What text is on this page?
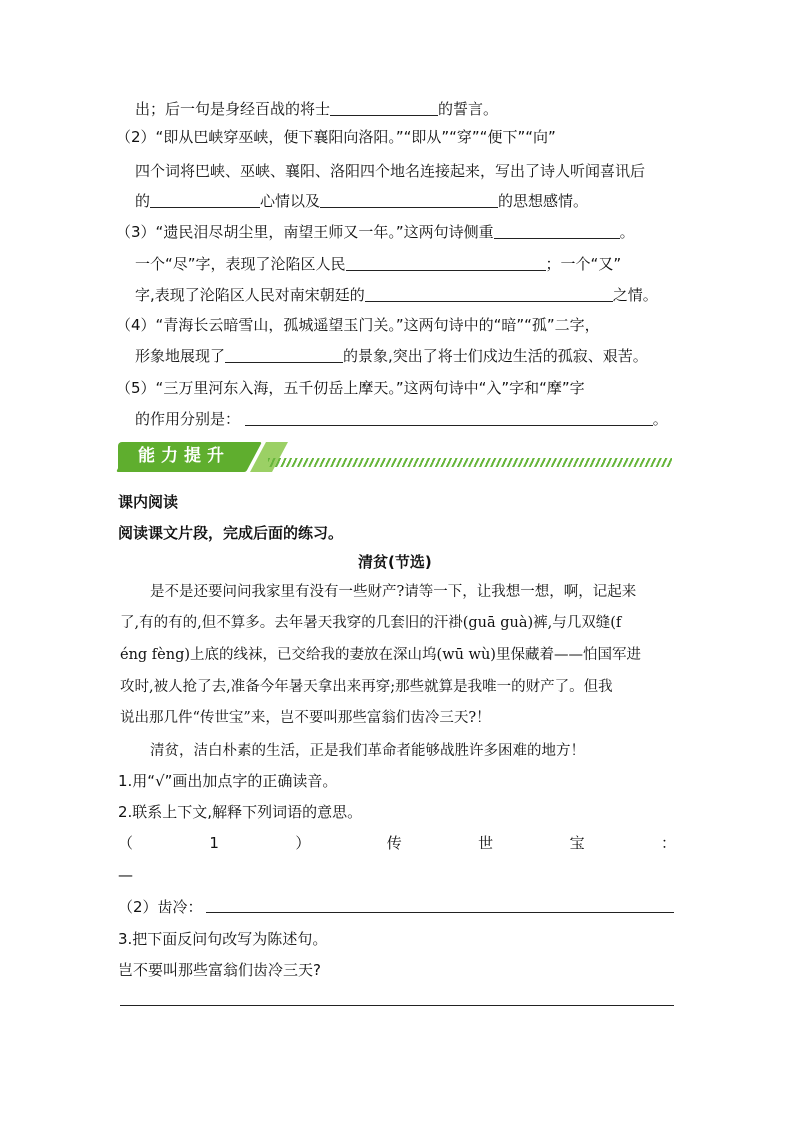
出；后一句是身经百战的将士	的誓言。
（2）“即从巴峡穿巫峡，便下襄阳向洛阳。”“即从”“穿”“便下”“向”
四个词将巴峡、巫峡、襄阳、洛阳四个地名连接起来，写出了诗人听闻喜讯后
的	心情以及	的思想感情。
（3）“遗民泪尽胡尘里，南望王师又一年。”这两句诗侧重	。
一个“尽”字，表现了沦陷区人民	；一个“又”
字,表现了沦陷区人民对南宋朝廷的	之情。
（4）“青海长云暗雪山，孤城遥望玉门关。”这两句诗中的“暗”“孤”二字，
形象地展现了	的景象,突出了将士们戍边生活的孤寂、艰苦。
（5）“三万里河东入海，五千仞岳上摩天。”这两句诗中“入”字和“摩”字
的作用分别是：	。
能力提升
课内阅读
阅读课文片段，完成后面的练习。
清贫(节选)
是不是还要问问我家里有没有一些财产?请等一下，让我想一想，啊，记起来
了,有的有的,但不算多。去年暑天我穿的几套旧的汗褂(guā guà)裤,与几双缝(f
éng fèng)上底的线袜，已交给我的妻放在深山坞(wū wù)里保藏着——怕国军进
攻时,被人抢了去,准备今年暑天拿出来再穿;那些就算是我唯一的财产了。但我
说出那几件“传世宝”来，岂不要叫那些富翁们齿冷三天?！
清贫，洁白朴素的生活，正是我们革命者能够战胜许多困难的地方！
1.用“√”画出加点字的正确读音。
2.联系上下文,解释下列词语的意思。
（	1	）	传	世	宝	：
—
（2）齿冷：
3.把下面反问句改写为陈述句。
岂不要叫那些富翁们齿冷三天?
